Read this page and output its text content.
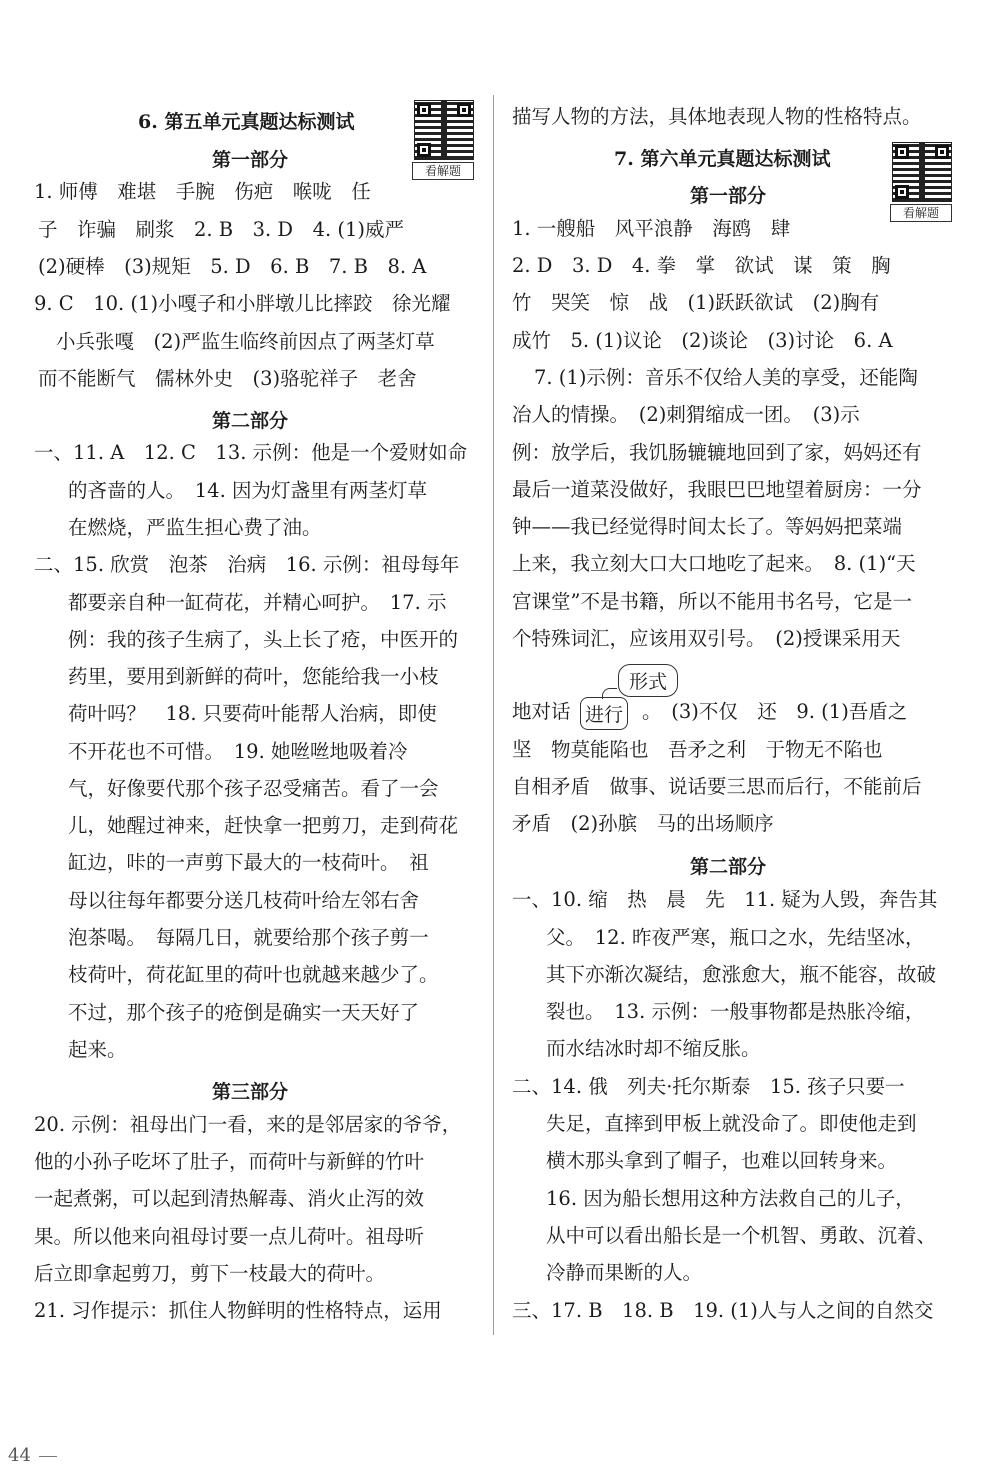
6. 第五单元真题达标测试
看解题
第一部分
1. 师傅　难堪　手腕　伤疤　喉咙　任
子　诈骗　刷浆　2. B　3. D　4. (1)威严
(2)硬棒　(3)规矩　5. D　6. B　7. B　8. A
9. C　10. (1)小嘎子和小胖墩儿比摔跤　徐光耀
小兵张嘎　(2)严监生临终前因点了两茎灯草
而不能断气　儒林外史　(3)骆驼祥子　老舍
第二部分
一、11. A　12. C　13. 示例：他是一个爱财如命
的吝啬的人。　14. 因为灯盏里有两茎灯草
在燃烧，严监生担心费了油。
二、15. 欣赏　泡茶　治病　16. 示例：祖母每年
都要亲自种一缸荷花，并精心呵护。　17. 示
例：我的孩子生病了，头上长了疮，中医开的
药里，要用到新鲜的荷叶，您能给我一小枝
荷叶吗？　18. 只要荷叶能帮人治病，即使
不开花也不可惜。　19. 她咝咝地吸着冷
气，好像要代那个孩子忍受痛苦。看了一会
儿，她醒过神来，赶快拿一把剪刀，走到荷花
缸边，咔的一声剪下最大的一枝荷叶。　祖
母以往每年都要分送几枝荷叶给左邻右舍
泡茶喝。　每隔几日，就要给那个孩子剪一
枝荷叶，荷花缸里的荷叶也就越来越少了。
不过，那个孩子的疮倒是确实一天天好了
起来。
第三部分
20. 示例：祖母出门一看，来的是邻居家的爷爷，
他的小孙子吃坏了肚子，而荷叶与新鲜的竹叶
一起煮粥，可以起到清热解毒、消火止泻的效
果。所以他来向祖母讨要一点儿荷叶。祖母听
后立即拿起剪刀，剪下一枝最大的荷叶。
21. 习作提示：抓住人物鲜明的性格特点，运用
描写人物的方法，具体地表现人物的性格特点。
7. 第六单元真题达标测试
看解题
第一部分
1. 一艘船　风平浪静　海鸥　肆
2. D　3. D　4. 拳　掌　欲试　谋　策　胸
竹　哭笑　惊　战　(1)跃跃欲试　(2)胸有
成竹　5. (1)议论　(2)谈论　(3)讨论　6. A
7. (1)示例：音乐不仅给人美的享受，还能陶
冶人的情操。　(2)刺猬缩成一团。　(3)示
例：放学后，我饥肠辘辘地回到了家，妈妈还有
最后一道菜没做好，我眼巴巴地望着厨房：一分
钟——我已经觉得时间太长了。等妈妈把菜端
上来，我立刻大口大口地吃了起来。　8. (1)“天
宫课堂”不是书籍，所以不能用书名号，它是一
个特殊词汇，应该用双引号。　(2)授课采用天
地对话	。　(3)不仅　还　9. (1)吾盾之
坚　物莫能陷也　吾矛之利　于物无不陷也
自相矛盾　做事、说话要三思而后行，不能前后
矛盾　(2)孙膑　马的出场顺序
第二部分
一、10. 缩　热　晨　先　11. 疑为人毁，奔告其
父。　12. 昨夜严寒，瓶口之水，先结坚冰，
其下亦渐次凝结，愈涨愈大，瓶不能容，故破
裂也。　13. 示例：一般事物都是热胀冷缩，
而水结冰时却不缩反胀。
二、14. 俄　列夫·托尔斯泰　15. 孩子只要一
失足，直摔到甲板上就没命了。即使他走到
横木那头拿到了帽子，也难以回转身来。
16. 因为船长想用这种方法救自己的儿子，
从中可以看出船长是一个机智、勇敢、沉着、
冷静而果断的人。
三、17. B　18. B　19. (1)人与人之间的自然交
形式
进行
44
